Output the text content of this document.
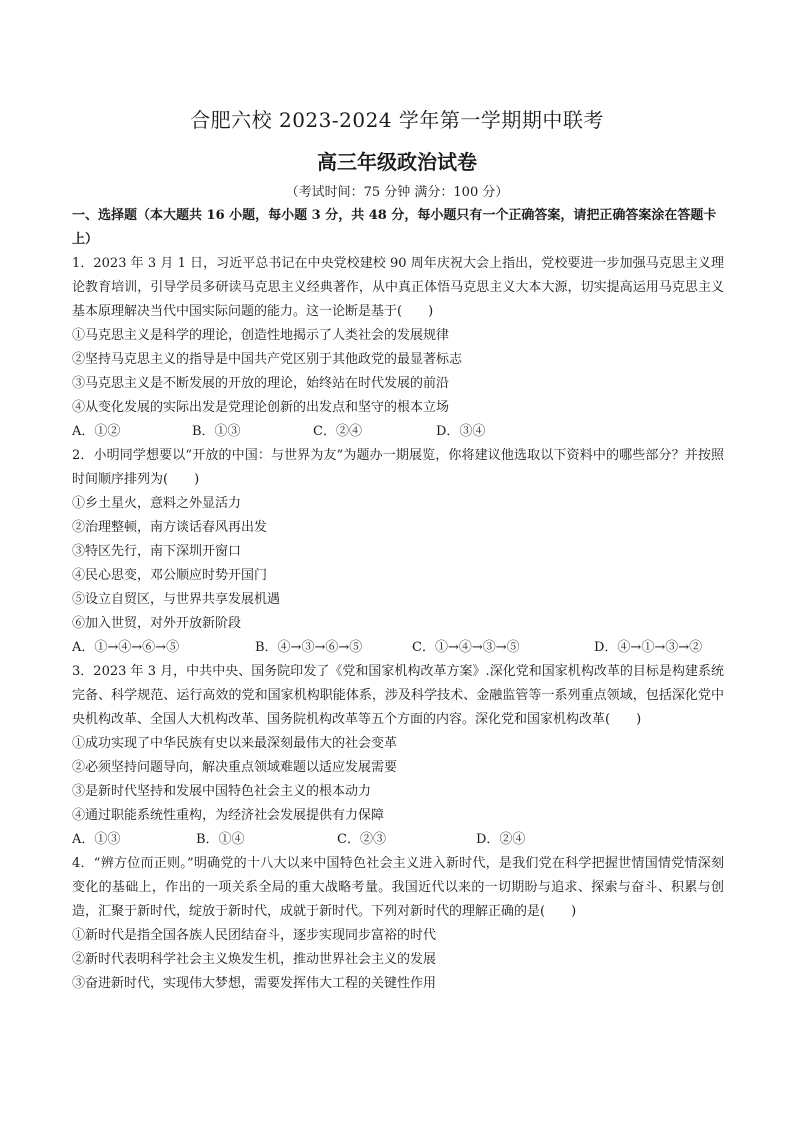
合肥六校 2023-2024 学年第一学期期中联考
高三年级政治试卷
（考试时间：75 分钟 满分：100 分）

一、选择题（本大题共 16 小题，每小题 3 分，共 48 分，每小题只有一个正确答案，请把正确答案涂在答题卡上）

1．2023 年 3 月 1 日，习近平总书记在中央党校建校 90 周年庆祝大会上指出，党校要进一步加强马克思主义理论教育培训，引导学员多研读马克思主义经典著作，从中真正体悟马克思主义大本大源，切实提高运用马克思主义基本原理解决当代中国实际问题的能力。这一论断是基于(　　)

①马克思主义是科学的理论，创造性地揭示了人类社会的发展规律

②坚持马克思主义的指导是中国共产党区别于其他政党的最显著标志

③马克思主义是不断发展的开放的理论，始终站在时代发展的前沿

④从变化发展的实际出发是党理论创新的出发点和坚守的根本立场

A．①②	B．①③	C．②④	D．③④

2．小明同学想要以“开放的中国：与世界为友”为题办一期展览，你将建议他选取以下资料中的哪些部分？并按照时间顺序排列为(　　)

①乡土星火，意料之外显活力

②治理整顿，南方谈话春风再出发

③特区先行，南下深圳开窗口

④民心思变，邓公顺应时势开国门

⑤设立自贸区，与世界共享发展机遇

⑥加入世贸，对外开放新阶段

A．①→④→⑥→⑤	B．④→③→⑥→⑤	C．①→④→③→⑤	D．④→①→③→②

3．2023 年 3 月，中共中央、国务院印发了《党和国家机构改革方案》.深化党和国家机构改革的目标是构建系统完备、科学规范、运行高效的党和国家机构职能体系，涉及科学技术、金融监管等一系列重点领域，包括深化党中央机构改革、全国人大机构改革、国务院机构改革等五个方面的内容。深化党和国家机构改革(　　)

①成功实现了中华民族有史以来最深刻最伟大的社会变革

②必须坚持问题导向，解决重点领域难题以适应发展需要

③是新时代坚持和发展中国特色社会主义的根本动力

④通过职能系统性重构，为经济社会发展提供有力保障

A．①③	B．①④	C．②③	D．②④

4．“辨方位而正则。”明确党的十八大以来中国特色社会主义进入新时代，是我们党在科学把握世情国情党情深刻变化的基础上，作出的一项关系全局的重大战略考量。我国近代以来的一切期盼与追求、探索与奋斗、积累与创造，汇聚于新时代，绽放于新时代，成就于新时代。下列对新时代的理解正确的是(　　)

①新时代是指全国各族人民团结奋斗，逐步实现同步富裕的时代

②新时代表明科学社会主义焕发生机，推动世界社会主义的发展

③奋进新时代，实现伟大梦想，需要发挥伟大工程的关键性作用
